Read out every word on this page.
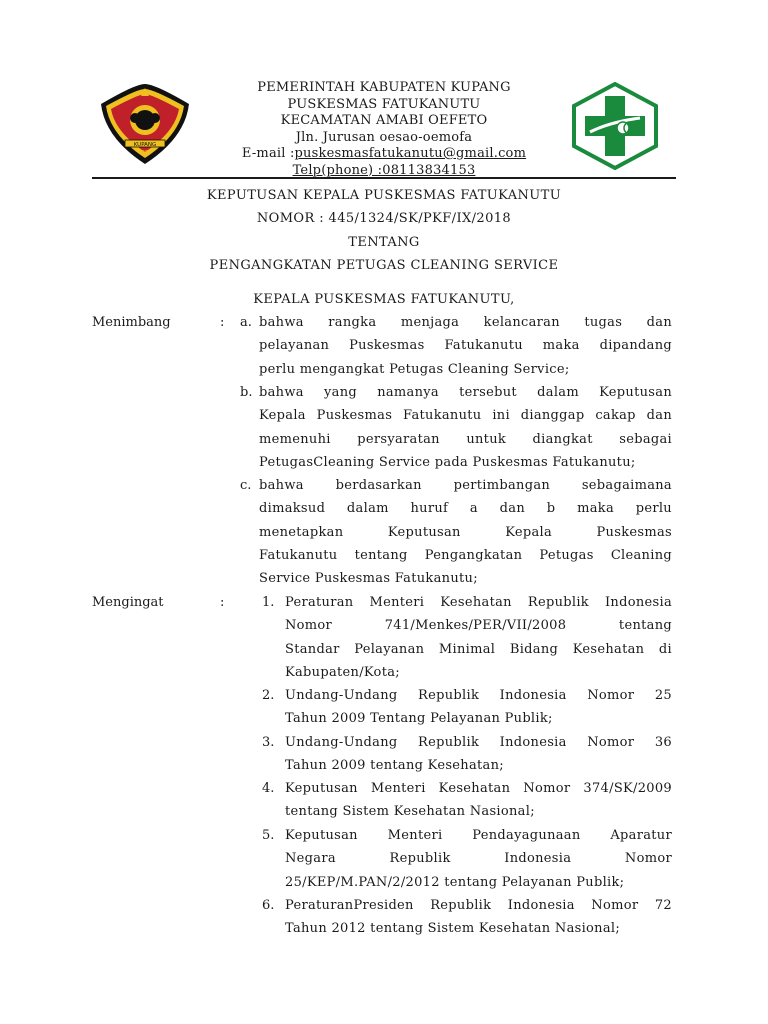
KUPANG
1958
PEMERINTAH KABUPATEN KUPANG
PUSKESMAS FATUKANUTU
KECAMATAN AMABI OEFETO
Jln. Jurusan oesao-oemofa
E-mail :puskesmasfatukanutu@gmail.com
Telp(phone) :08113834153
KEPUTUSAN KEPALA PUSKESMAS FATUKANUTU
NOMOR : 445/1324/SK/PKF/IX/2018
TENTANG
PENGANGKATAN PETUGAS CLEANING SERVICE
KEPALA PUSKESMAS FATUKANUTU,
Menimbang	: a. bahwa rangka menjaga kelancaran tugas dan
pelayanan Puskesmas Fatukanutu maka dipandang
perlu mengangkat Petugas Cleaning Service;
b. bahwa yang namanya tersebut dalam Keputusan
Kepala Puskesmas Fatukanutu ini dianggap cakap dan
memenuhi persyaratan untuk diangkat sebagai
PetugasCleaning Service pada Puskesmas Fatukanutu;
c. bahwa berdasarkan pertimbangan sebagaimana
dimaksud dalam huruf a dan b maka perlu
menetapkan Keputusan Kepala Puskesmas
Fatukanutu tentang Pengangkatan Petugas Cleaning
Service Puskesmas Fatukanutu;
Mengingat	:	1. Peraturan Menteri Kesehatan Republik Indonesia
Nomor 741/Menkes/PER/VII/2008 tentang
Standar Pelayanan Minimal Bidang Kesehatan di
Kabupaten/Kota;
2. Undang-Undang Republik Indonesia Nomor 25
Tahun 2009 Tentang Pelayanan Publik;
3. Undang-Undang Republik Indonesia Nomor 36
Tahun 2009 tentang Kesehatan;
4. Keputusan Menteri Kesehatan Nomor 374/SK/2009
tentang Sistem Kesehatan Nasional;
5. Keputusan Menteri Pendayagunaan Aparatur
Negara Republik Indonesia Nomor
25/KEP/M.PAN/2/2012 tentang Pelayanan Publik;
6. PeraturanPresiden Republik Indonesia Nomor 72
Tahun 2012 tentang Sistem Kesehatan Nasional;
